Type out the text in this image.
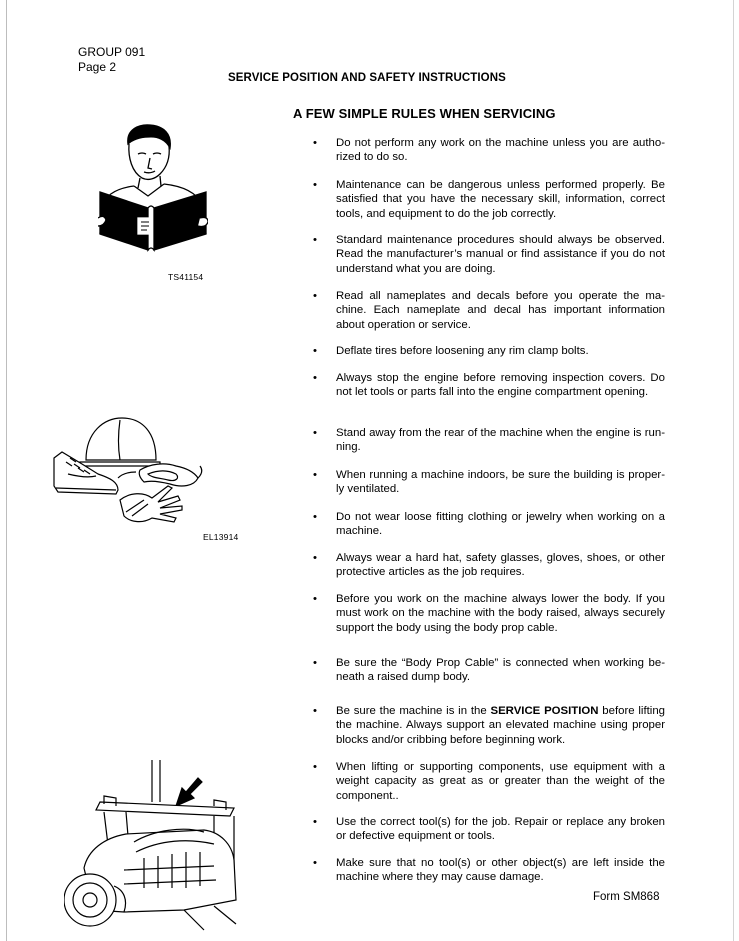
GROUP 091
Page 2
SERVICE POSITION AND SAFETY INSTRUCTIONS
A FEW SIMPLE RULES WHEN SERVICING
• Do not perform any work on the machine unless you are autho-rized to do so.
• Maintenance can be dangerous unless performed properly. Be satisfied that you have the necessary skill, information, correct tools, and equipment to do the job correctly.
• Standard maintenance procedures should always be observed. Read the manufacturer’s manual or find assistance if you do not understand what you are doing.
• Read all nameplates and decals before you operate the ma-chine. Each nameplate and decal has important information about operation or service.
• Deflate tires before loosening any rim clamp bolts.
• Always stop the engine before removing inspection covers. Do not let tools or parts fall into the engine compartment opening.
• Stand away from the rear of the machine when the engine is run-ning.
• When running a machine indoors, be sure the building is proper-ly ventilated.
• Do not wear loose fitting clothing or jewelry when working on a machine.
• Always wear a hard hat, safety glasses, gloves, shoes, or other protective articles as the job requires.
• Before you work on the machine always lower the body. If you must work on the machine with the body raised, always securely support the body using the body prop cable.
• Be sure the “Body Prop Cable” is connected when working be-neath a raised dump body.
• Be sure the machine is in the SERVICE POSITION before lifting the machine. Always support an elevated machine using proper blocks and/or cribbing before beginning work.
• When lifting or supporting components, use equipment with a weight capacity as great as or greater than the weight of the component..
• Use the correct tool(s) for the job. Repair or replace any broken or defective equipment or tools.
• Make sure that no tool(s) or other object(s) are left inside the machine where they may cause damage.
TS41154
EL13914
Form SM868
